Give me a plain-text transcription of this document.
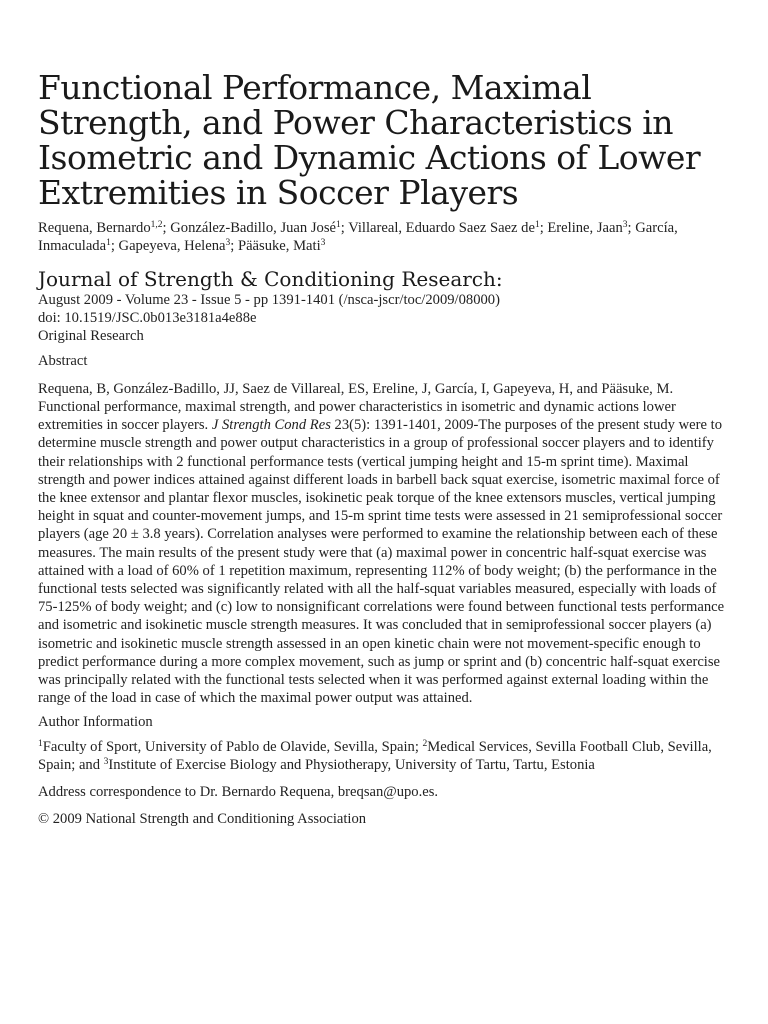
Functional Performance, Maximal Strength, and Power Characteristics in Isometric and Dynamic Actions of Lower Extremities in Soccer Players
Requena, Bernardo$^{1,2}$; González-Badillo, Juan José$^1$; Villareal, Eduardo Saez Saez $de^1$; Ereline, Jaan$^3$; García, Inmaculada$^1$; Gapeyeva, Helena$^3$; Pääsuke, Mati$^3$
Journal of Strength & Conditioning Research:
August 2009 - Volume 23 - Issue 5 - pp 1391-1401 (/nsca-jscr/toc/2009/08000)
doi: 10.1519/JSC.0b013e3181a4e88e
Original Research
Abstract
Requena, B, González-Badillo, JJ, Saez de Villareal, ES, Ereline, J, García, I, Gapeyeva, H, and Pääsuke, M. Functional performance, maximal strength, and power characteristics in isometric and dynamic actions lower extremities in soccer players. J Strength Cond Res 23(5): 1391-1401, 2009-The purposes of the present study were to determine muscle strength and power output characteristics in a group of professional soccer players and to identify their relationships with 2 functional performance tests (vertical jumping height and 15-m sprint time). Maximal strength and power indices attained against different loads in barbell back squat exercise, isometric maximal force of the knee extensor and plantar flexor muscles, isokinetic peak torque of the knee extensors muscles, vertical jumping height in squat and counter-movement jumps, and 15-m sprint time tests were assessed in 21 semiprofessional soccer players (age 20 ± 3.8 years). Correlation analyses were performed to examine the relationship between each of these measures. The main results of the present study were that (a) maximal power in concentric half-squat exercise was attained with a load of 60% of 1 repetition maximum, representing 112% of body weight; (b) the performance in the functional tests selected was significantly related with all the half-squat variables measured, especially with loads of 75-125% of body weight; and (c) low to nonsignificant correlations were found between functional tests performance and isometric and isokinetic muscle strength measures. It was concluded that in semiprofessional soccer players (a) isometric and isokinetic muscle strength assessed in an open kinetic chain were not movement-specific enough to predict performance during a more complex movement, such as jump or sprint and (b) concentric half-squat exercise was principally related with the functional tests selected when it was performed against external loading within the range of the load in case of which the maximal power output was attained.
Author Information
$^1$Faculty of Sport, University of Pablo de Olavide, Sevilla, Spain; $^2$Medical Services, Sevilla Football Club, Sevilla, Spain; and $^3$Institute of Exercise Biology and Physiotherapy, University of Tartu, Tartu, Estonia
Address correspondence to Dr. Bernardo Requena, breqsan@upo.es.
© 2009 National Strength and Conditioning Association
